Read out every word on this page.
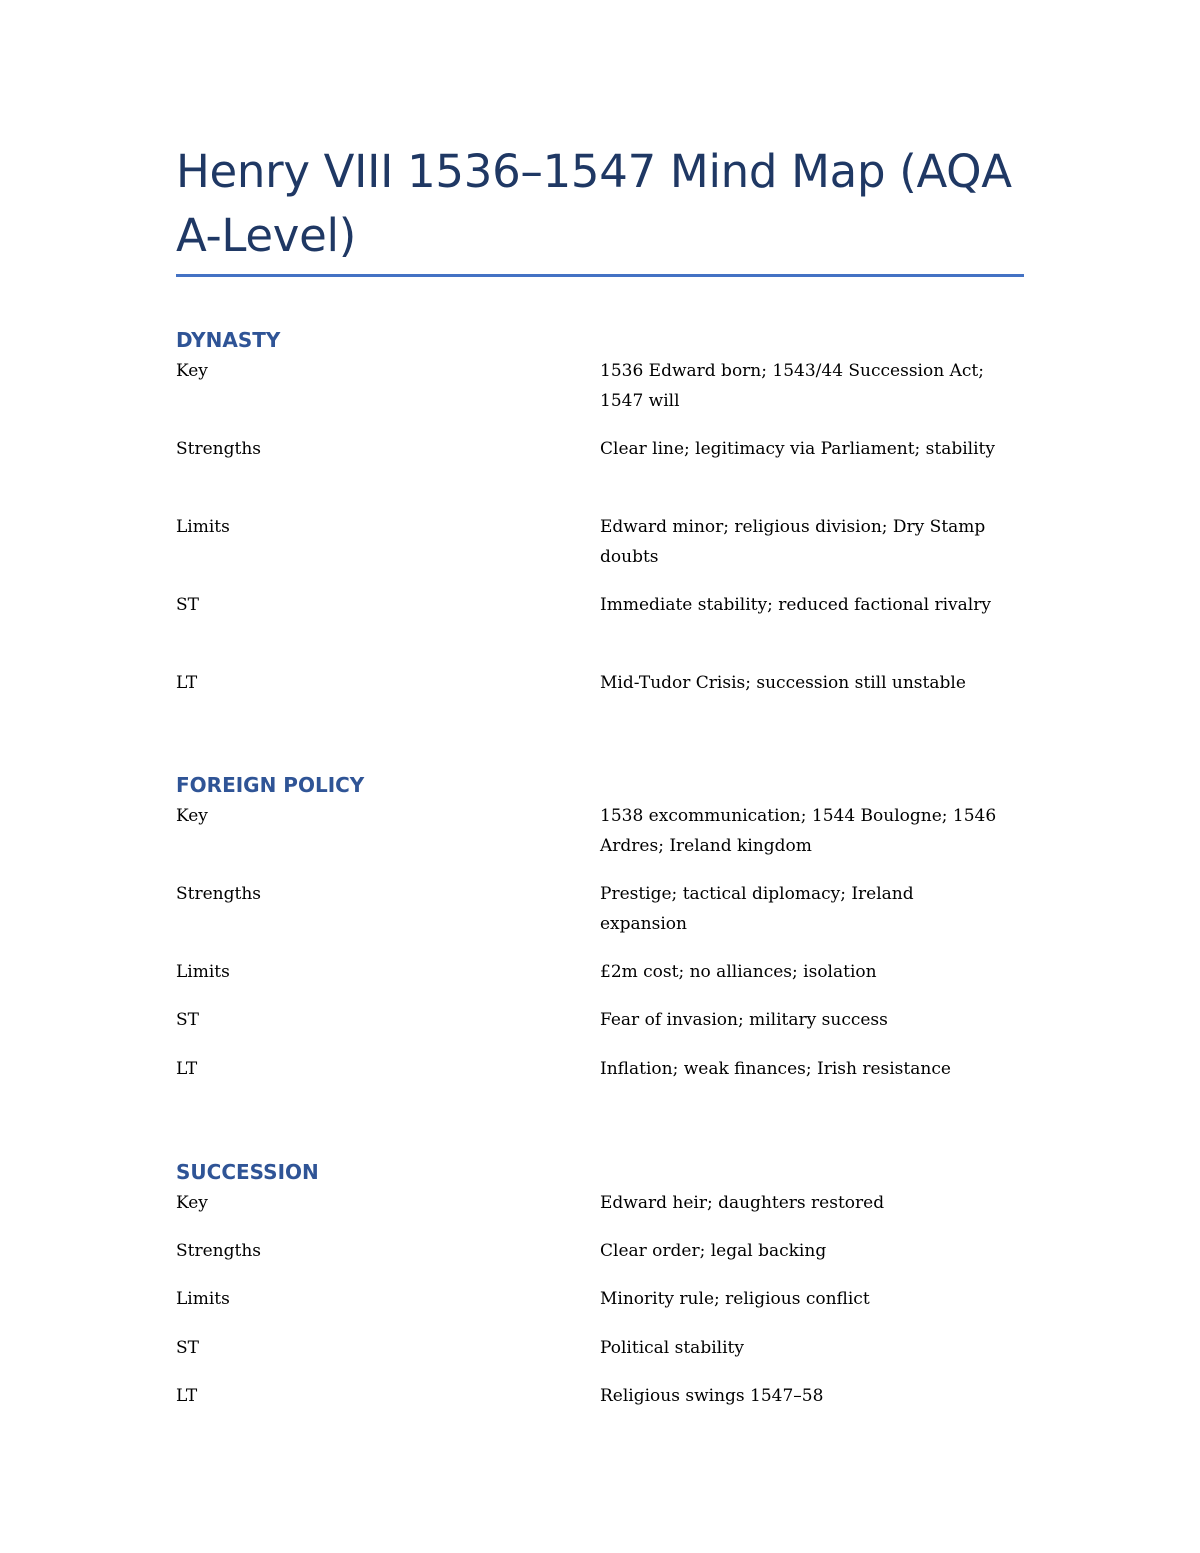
Henry VIII 1536–1547 Mind Map (AQA A-Level)
DYNASTY
Key	1536 Edward born; 1543/44 Succession Act; 1547 will
Strengths	Clear line; legitimacy via Parliament; stability
Limits	Edward minor; religious division; Dry Stamp doubts
ST	Immediate stability; reduced factional rivalry
LT	Mid-Tudor Crisis; succession still unstable
FOREIGN POLICY
Key	1538 excommunication; 1544 Boulogne; 1546 Ardres; Ireland kingdom
Strengths	Prestige; tactical diplomacy; Ireland expansion
Limits	£2m cost; no alliances; isolation
ST	Fear of invasion; military success
LT	Inflation; weak finances; Irish resistance
SUCCESSION
Key	Edward heir; daughters restored
Strengths	Clear order; legal backing
Limits	Minority rule; religious conflict
ST	Political stability
LT	Religious swings 1547–58
